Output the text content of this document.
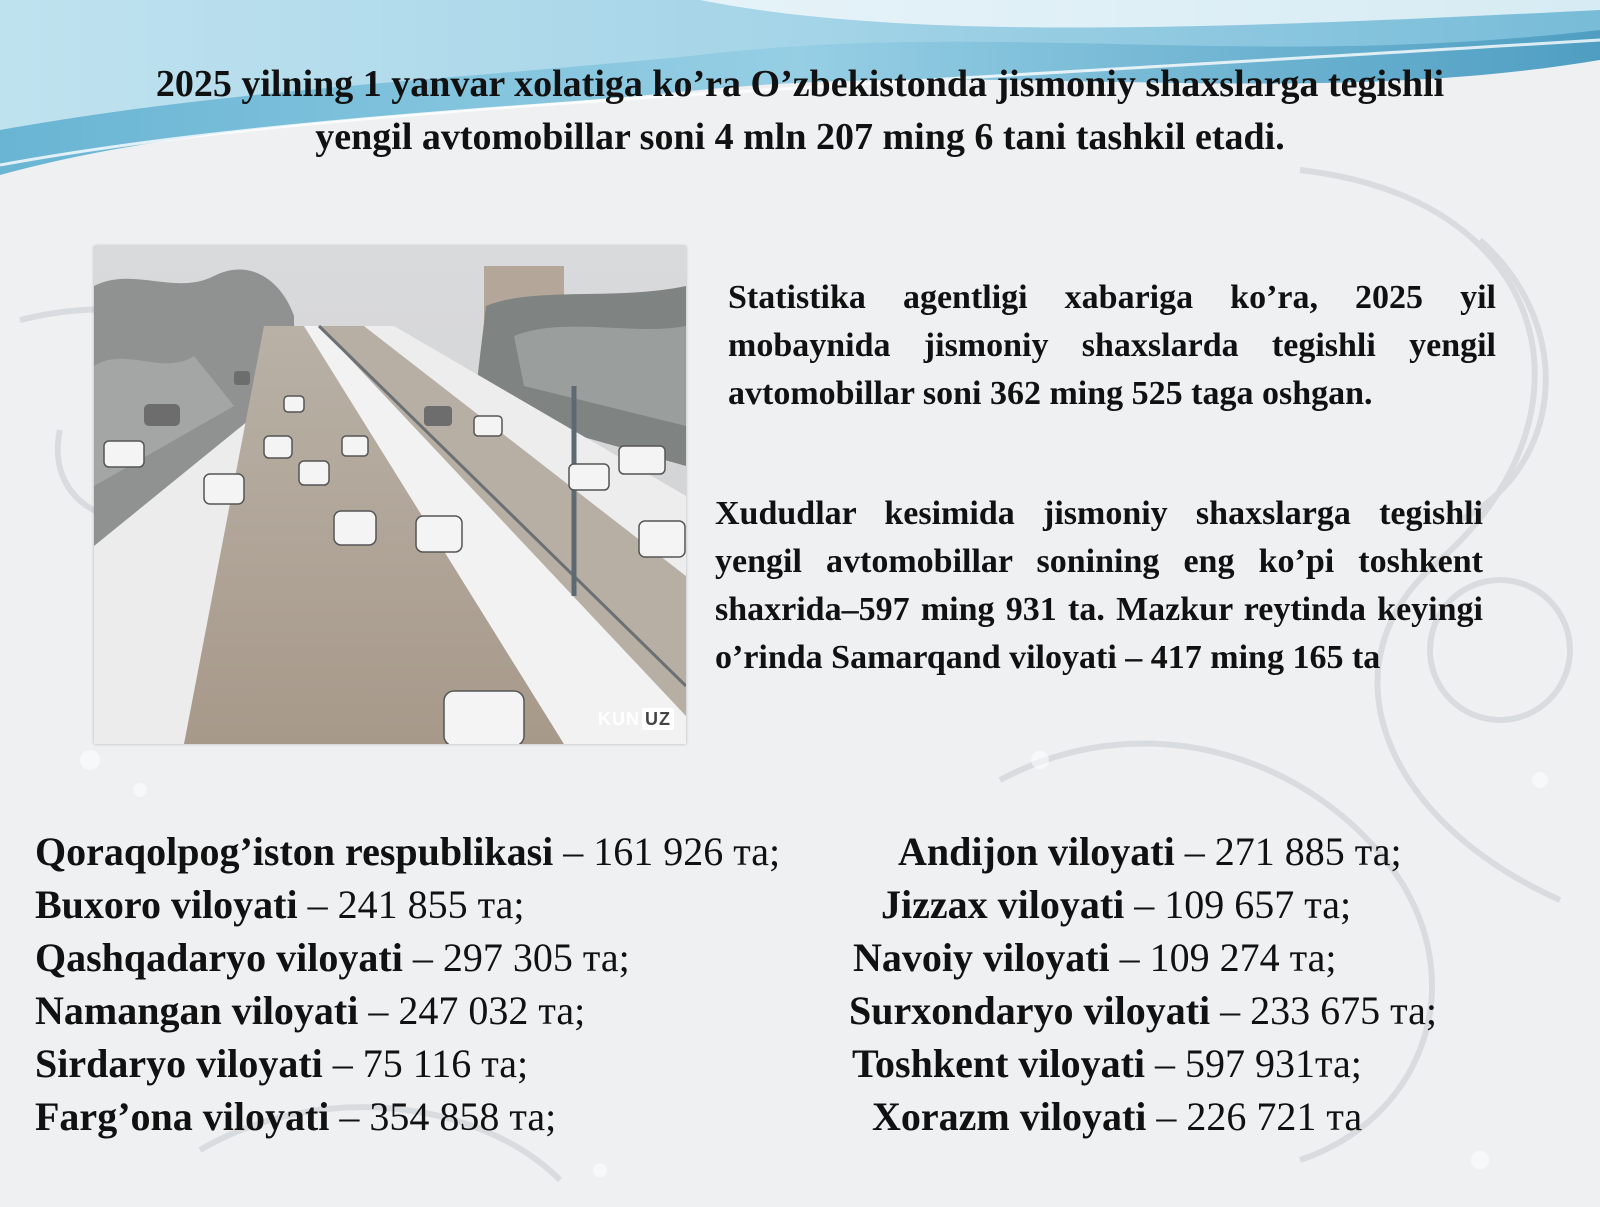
2025 yilning 1 yanvar xolatiga ko’ra O’zbekistonda jismoniy shaxslarga tegishli yengil avtomobillar soni 4 mln 207 ming 6 tani tashkil etadi.
KUN UZ
Statistika agentligi xabariga ko’ra, 2025 yil mobaynida jismoniy shaxslarda tegishli yengil avtomobillar soni 362 ming 525 taga oshgan.
Xududlar kesimida jismoniy shaxslarga tegishli yengil avtomobillar sonining eng ko’pi toshkent shaxrida–597 ming 931 ta. Mazkur reytinda keyingi o’rinda Samarqand viloyati – 417 ming 165 ta
Qoraqolpog’iston respublikasi – 161 926 та;
Buxoro viloyati – 241 855 та;
Qashqadaryo viloyati – 297 305 та;
Namangan viloyati – 247 032 та;
Sirdaryo viloyati – 75 116 та;
Farg’ona viloyati – 354 858 та;
Andijon viloyati – 271 885 та;
Jizzax viloyati – 109 657 та;
Navoiy viloyati – 109 274 та;
Surxondaryo viloyati – 233 675 та;
Toshkent viloyati – 597 931та;
Xorazm viloyati – 226 721 та
